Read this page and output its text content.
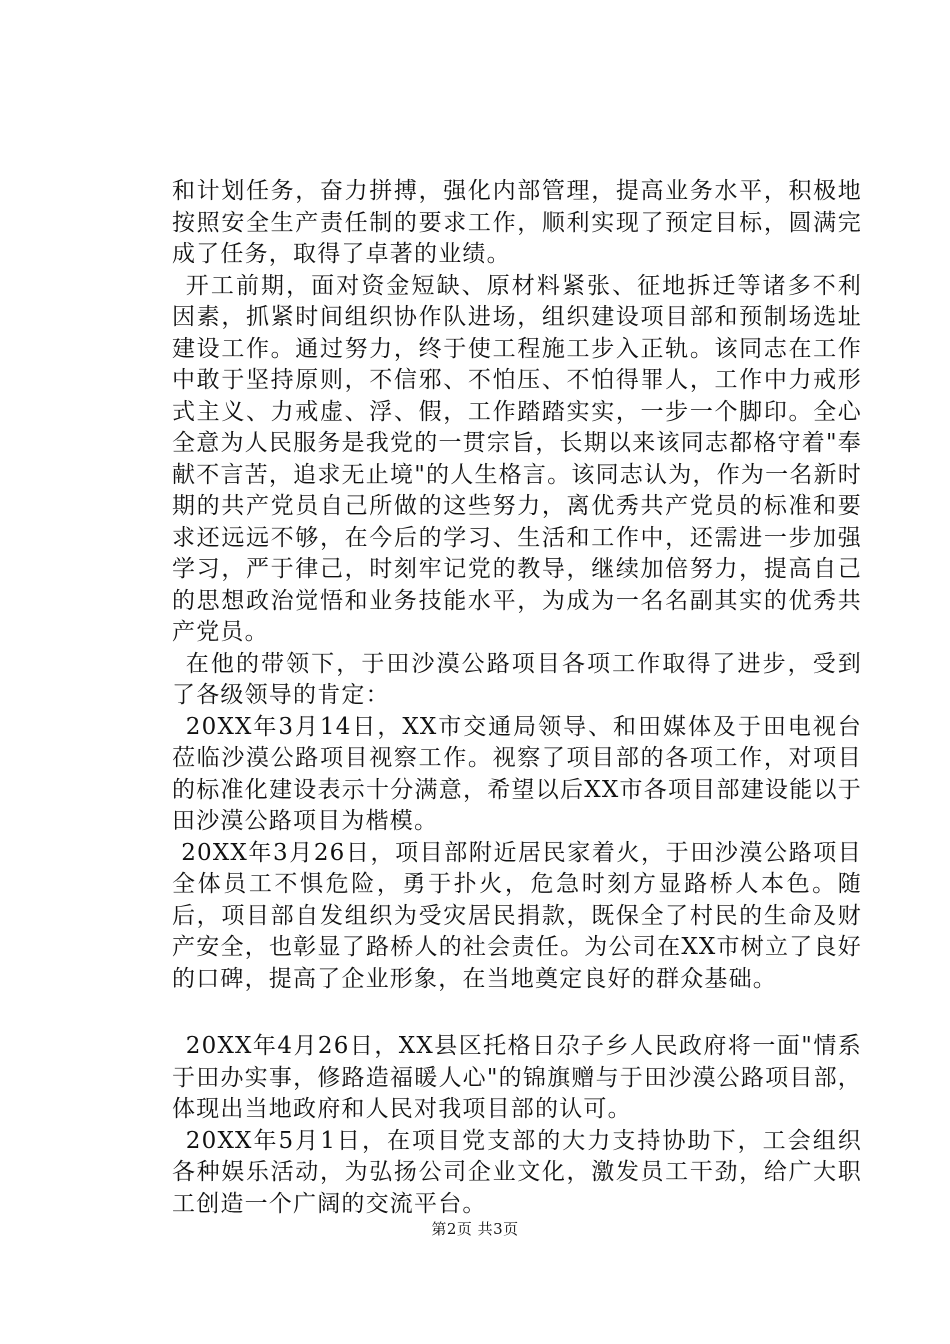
和计划任务，奋力拼搏，强化内部管理，提高业务水平，积极地按照安全生产责任制的要求工作，顺利实现了预定目标，圆满完成了任务，取得了卓著的业绩。

开工前期，面对资金短缺、原材料紧张、征地拆迁等诸多不利因素，抓紧时间组织协作队进场，组织建设项目部和预制场选址建设工作。通过努力，终于使工程施工步入正轨。该同志在工作中敢于坚持原则，不信邪、不怕压、不怕得罪人，工作中力戒形式主义、力戒虚、浮、假，工作踏踏实实，一步一个脚印。全心全意为人民服务是我党的一贯宗旨，长期以来该同志都格守着"奉献不言苦，追求无止境"的人生格言。该同志认为，作为一名新时期的共产党员自己所做的这些努力，离优秀共产党员的标准和要求还远远不够，在今后的学习、生活和工作中，还需进一步加强学习，严于律己，时刻牢记党的教导，继续加倍努力，提高自己的思想政治觉悟和业务技能水平，为成为一名名副其实的优秀共产党员。

在他的带领下，于田沙漠公路项目各项工作取得了进步，受到了各级领导的肯定：

20XX年3月14日，XX市交通局领导、和田媒体及于田电视台莅临沙漠公路项目视察工作。视察了项目部的各项工作，对项目的标准化建设表示十分满意，希望以后XX市各项目部建设能以于田沙漠公路项目为楷模。

20XX年3月26日，项目部附近居民家着火，于田沙漠公路项目全体员工不惧危险，勇于扑火，危急时刻方显路桥人本色。随后，项目部自发组织为受灾居民捐款，既保全了村民的生命及财产安全，也彰显了路桥人的社会责任。为公司在XX市树立了良好的口碑，提高了企业形象，在当地奠定良好的群众基础。

20XX年4月26日，XX县区托格日尕子乡人民政府将一面"情系于田办实事，修路造福暖人心"的锦旗赠与于田沙漠公路项目部，体现出当地政府和人民对我项目部的认可。

20XX年5月1日，在项目党支部的大力支持协助下，工会组织各种娱乐活动，为弘扬公司企业文化，激发员工干劲，给广大职工创造一个广阔的交流平台。

第2页 共3页
